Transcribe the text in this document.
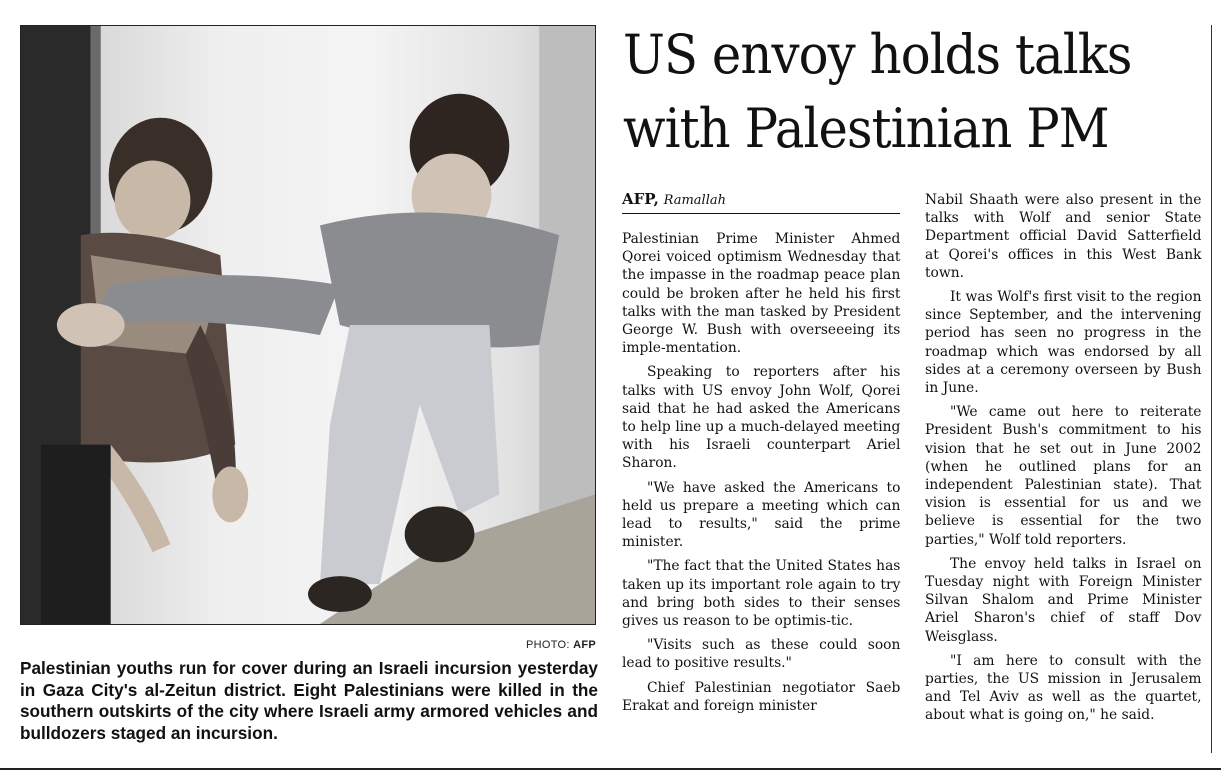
PHOTO: AFP

Palestinian youths run for cover during an Israeli incursion yesterday in Gaza City's al-Zeitun district. Eight Palestinians were killed in the southern outskirts of the city where Israeli army armored vehicles and bulldozers staged an incursion.

US envoy holds talks
with Palestinian PM
AFP, Ramallah

Palestinian Prime Minister Ahmed Qorei voiced optimism Wednesday that the impasse in the roadmap peace plan could be broken after he held his first talks with the man tasked by President George W. Bush with overseeeing its imple-mentation.

Speaking to reporters after his talks with US envoy John Wolf, Qorei said that he had asked the Americans to help line up a much-delayed meeting with his Israeli counterpart Ariel Sharon.

"We have asked the Americans to held us prepare a meeting which can lead to results," said the prime minister.

"The fact that the United States has taken up its important role again to try and bring both sides to their senses gives us reason to be optimis-tic.

"Visits such as these could soon lead to positive results."

Chief Palestinian negotiator Saeb Erakat and foreign minister

Nabil Shaath were also present in the talks with Wolf and senior State Department official David Satterfield at Qorei's offices in this West Bank town.

It was Wolf's first visit to the region since September, and the intervening period has seen no progress in the roadmap which was endorsed by all sides at a ceremony overseen by Bush in June.

"We came out here to reiterate President Bush's commitment to his vision that he set out in June 2002 (when he outlined plans for an independent Palestinian state). That vision is essential for us and we believe is essential for the two parties," Wolf told reporters.

The envoy held talks in Israel on Tuesday night with Foreign Minister Silvan Shalom and Prime Minister Ariel Sharon's chief of staff Dov Weisglass.

"I am here to consult with the parties, the US mission in Jerusalem and Tel Aviv as well as the quartet, about what is going on," he said.
